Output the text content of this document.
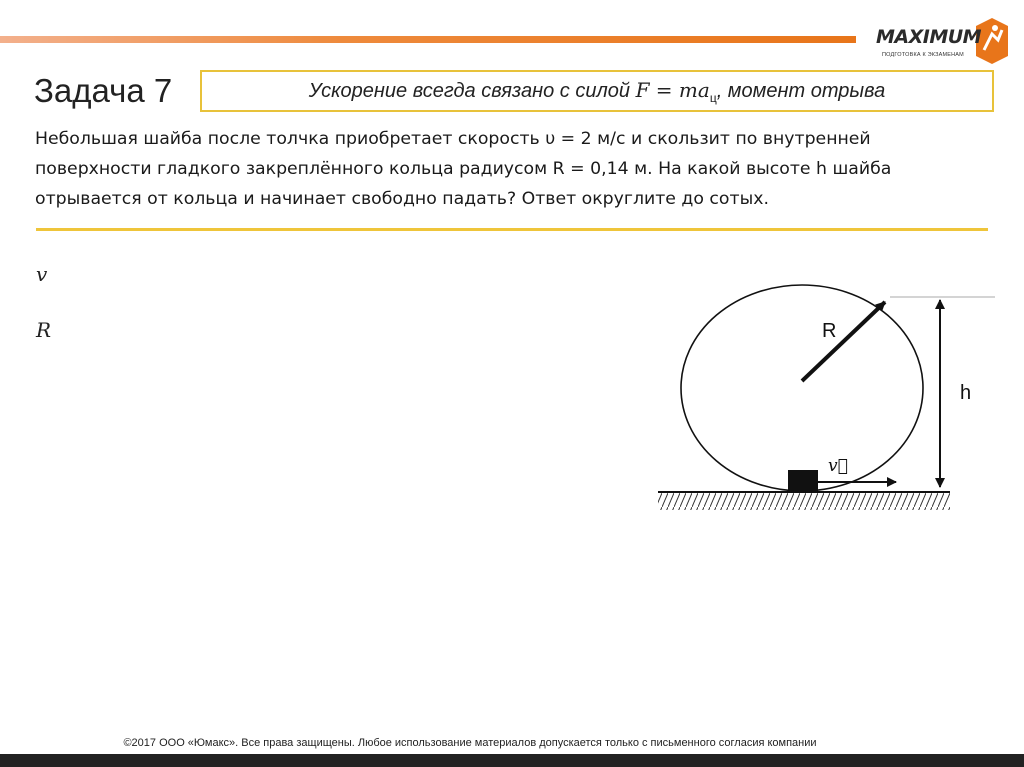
MAXIMUM
ПОДГОТОВКА К ЭКЗАМЕНАМ
Задача 7	Ускорение всегда связано с силой $F = ma_ц$, момент отрыва

Небольшая шайба после толчка приобретает скорость υ = 2 м/с и скользит по внутренней

поверхности гладкого закреплённого кольца радиусом R = 0,14 м. На какой высоте h шайба

отрывается от кольца и начинает свободно падать? Ответ округлите до сотых.

v
R	R
h
v⃗
©2017 ООО «Юмакс». Все права защищены. Любое использование материалов допускается только с письменного согласия компании
